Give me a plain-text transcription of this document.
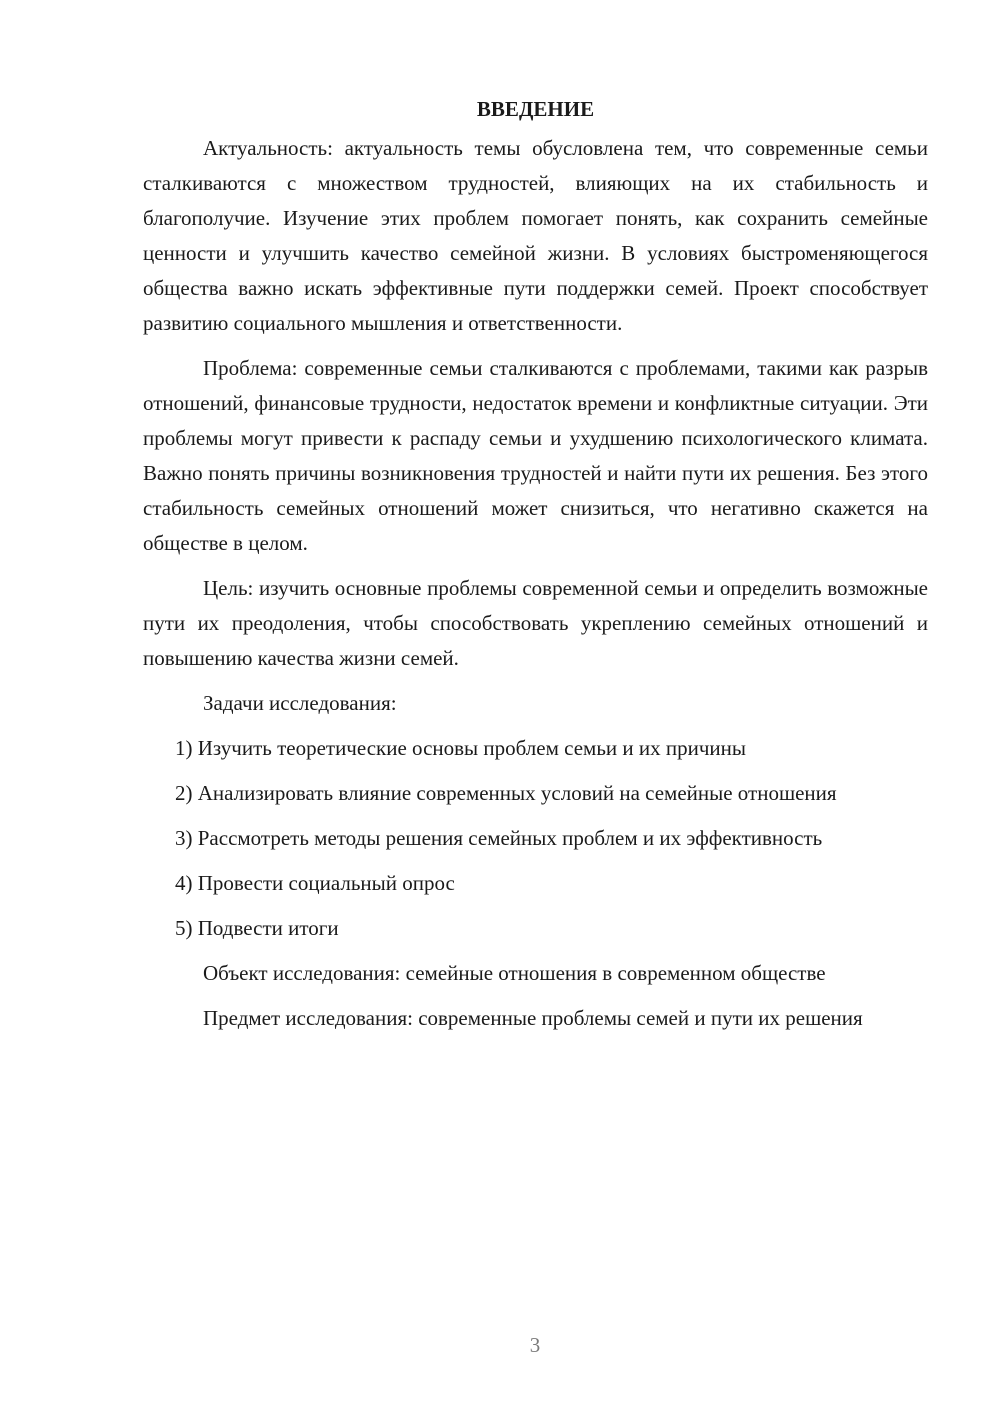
ВВЕДЕНИЕ

Актуальность: актуальность темы обусловлена тем, что современные семьи сталкиваются с множеством трудностей, влияющих на их стабильность и благополучие. Изучение этих проблем помогает понять, как сохранить семейные ценности и улучшить качество семейной жизни. В условиях быстроменяющегося общества важно искать эффективные пути поддержки семей. Проект способствует развитию социального мышления и ответственности.

Проблема: современные семьи сталкиваются с проблемами, такими как разрыв отношений, финансовые трудности, недостаток времени и конфликтные ситуации. Эти проблемы могут привести к распаду семьи и ухудшению психологического климата. Важно понять причины возникновения трудностей и найти пути их решения. Без этого стабильность семейных отношений может снизиться, что негативно скажется на обществе в целом.

Цель: изучить основные проблемы современной семьи и определить возможные пути их преодоления, чтобы способствовать укреплению семейных отношений и повышению качества жизни семей.

Задачи исследования:

1) Изучить теоретические основы проблем семьи и их причины

2) Анализировать влияние современных условий на семейные отношения

3) Рассмотреть методы решения семейных проблем и их эффективность

4) Провести социальный опрос

5) Подвести итоги

Объект исследования: семейные отношения в современном обществе

Предмет исследования: современные проблемы семей и пути их решения

3
